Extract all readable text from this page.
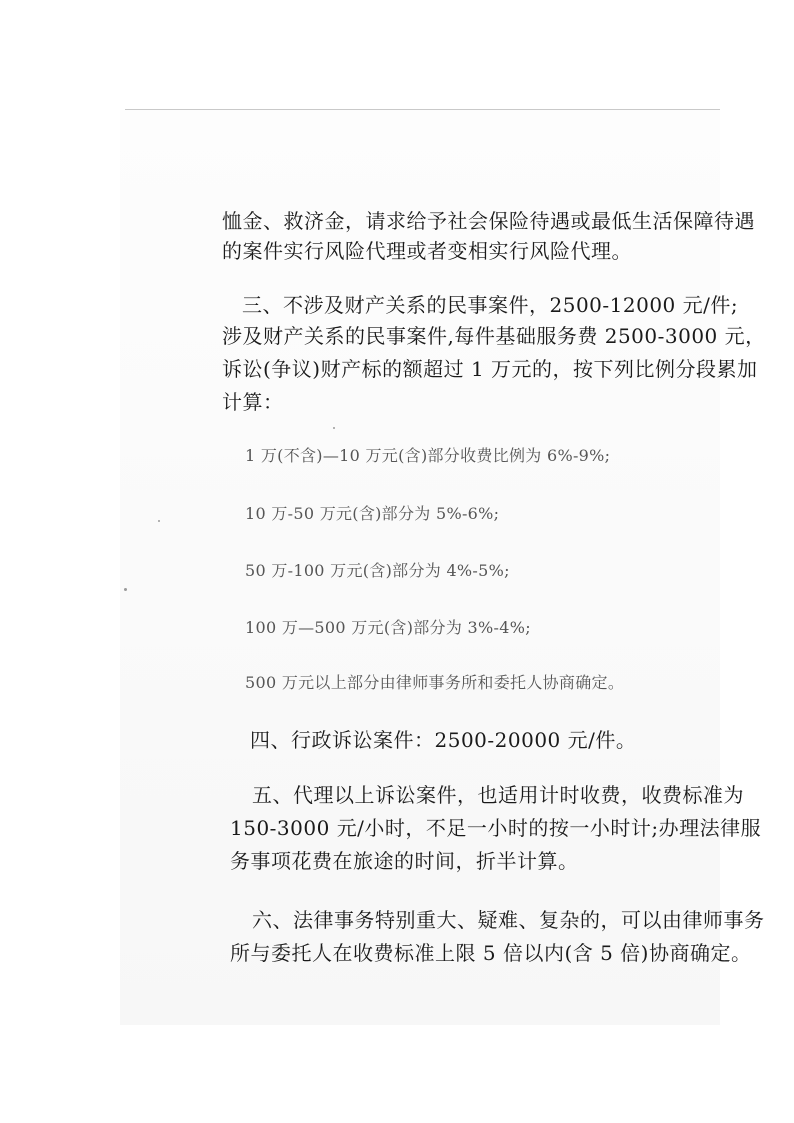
恤金、救济金，请求给予社会保险待遇或最低生活保障待遇
的案件实行风险代理或者变相实行风险代理。
三、不涉及财产关系的民事案件，2500-12000 元/件;
涉及财产关系的民事案件,每件基础服务费 2500-3000 元，
诉讼(争议)财产标的额超过 1 万元的，按下列比例分段累加
计算：
1 万(不含)—10 万元(含)部分收费比例为 6%-9%;
10 万-50 万元(含)部分为 5%-6%;
50 万-100 万元(含)部分为 4%-5%;
100 万—500 万元(含)部分为 3%-4%;
500 万元以上部分由律师事务所和委托人协商确定。
四、行政诉讼案件：2500-20000 元/件。
五、代理以上诉讼案件，也适用计时收费，收费标准为
150-3000 元/小时，不足一小时的按一小时计;办理法律服
务事项花费在旅途的时间，折半计算。
六、法律事务特别重大、疑难、复杂的，可以由律师事务
所与委托人在收费标准上限 5 倍以内(含 5 倍)协商确定。
